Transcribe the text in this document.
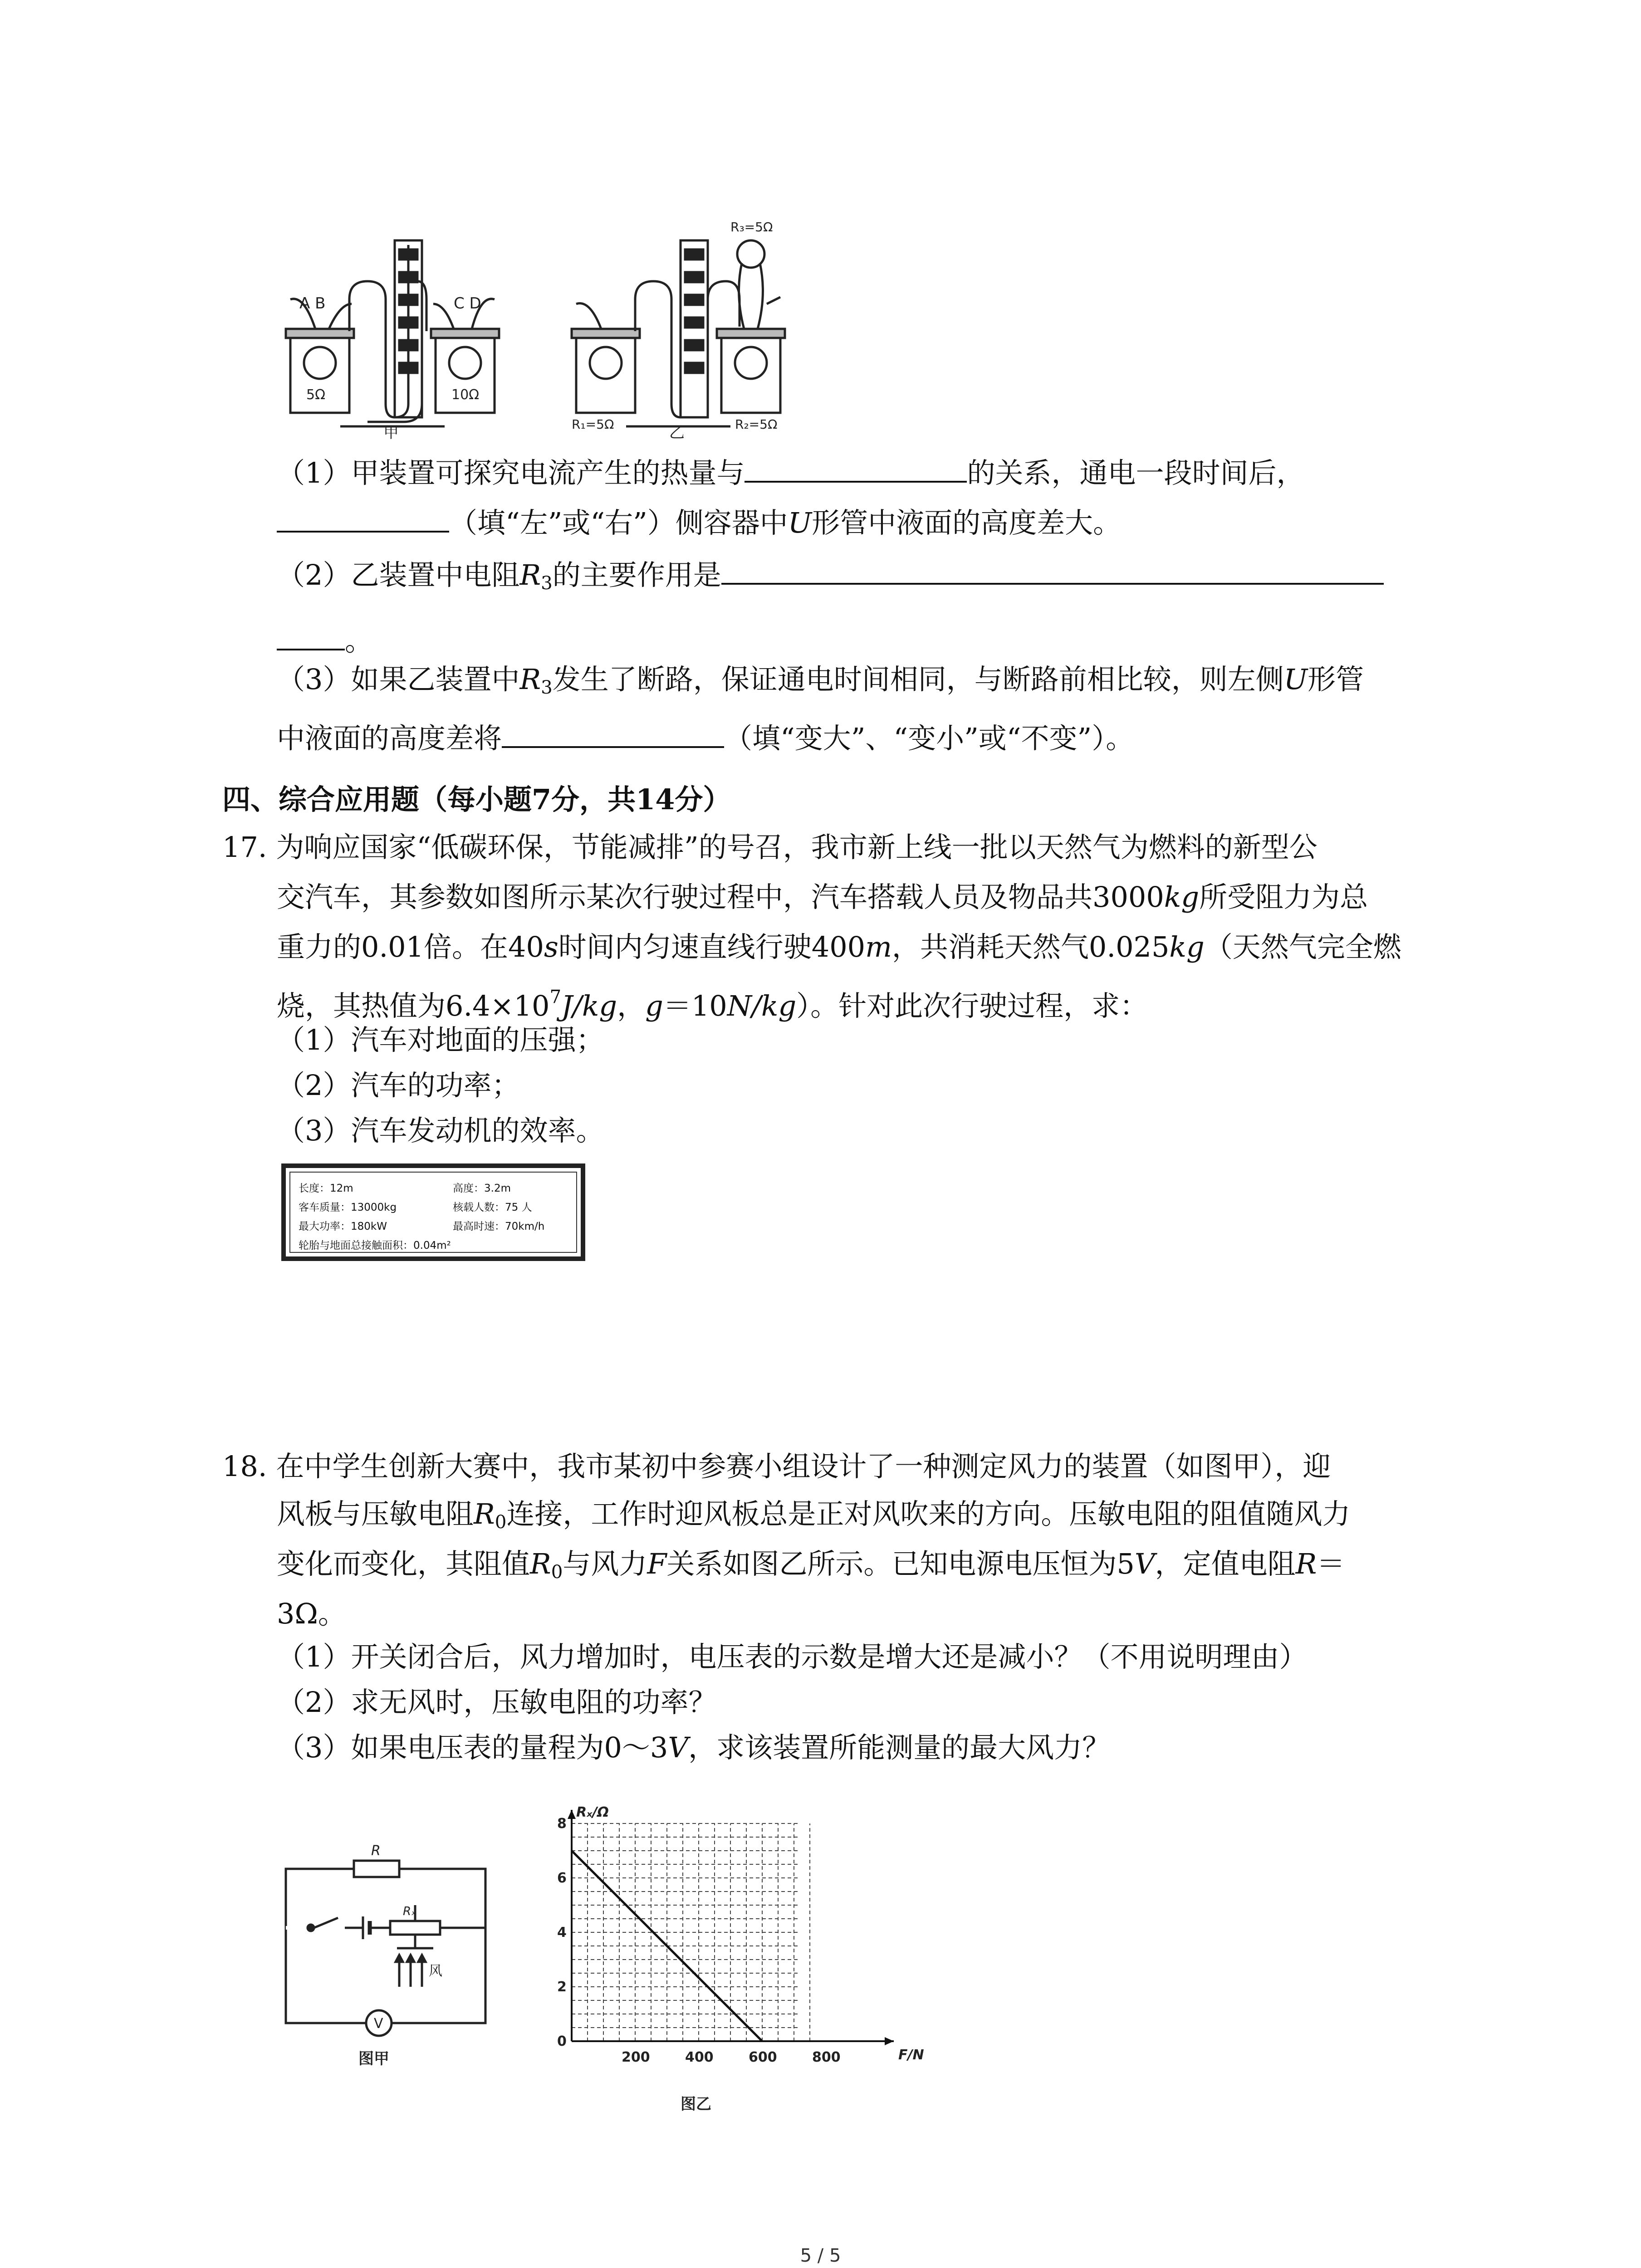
A B	C D
5Ω	10Ω
甲
R₃=5Ω
R₁=5Ω	R₂=5Ω
乙
（1）甲装置可探究电流产生的热量与	的关系，通电一段时间后，
（填“左”或“右”）侧容器中U形管中液面的高度差大。
（2）乙装置中电阻$R_3$的主要作用是
。
（3）如果乙装置中$R_3$发生了断路，保证通电时间相同，与断路前相比较，则左侧U形管
中液面的高度差将	（填“变大”、“变小”或“不变”）。
四、综合应用题（每小题7分，共14分）
17. 为响应国家“低碳环保，节能减排”的号召，我市新上线一批以天然气为燃料的新型公
交汽车，其参数如图所示某次行驶过程中，汽车搭载人员及物品共3000kg所受阻力为总
重力的0.01倍。在40s时间内匀速直线行驶400m，共消耗天然气0.025kg（天然气完全燃
烧，其热值为$6.4\times 10^7J/kg$，g＝10N/kg）。针对此次行驶过程，求：
（1）汽车对地面的压强；
（2）汽车的功率；
（3）汽车发动机的效率。
长度：12m	高度：3.2m
客车质量：13000kg	核载人数：75 人
最大功率：180kW	最高时速：70km/h
轮胎与地面总接触面积：0.04m²
18. 在中学生创新大赛中，我市某初中参赛小组设计了一种测定风力的装置（如图甲），迎
风板与压敏电阻$R_0$连接，工作时迎风板总是正对风吹来的方向。压敏电阻的阻值随风力
变化而变化，其阻值$R_0$与风力F关系如图乙所示。已知电源电压恒为5V，定值电阻R＝
3Ω。
（1）开关闭合后，风力增加时，电压表的示数是增大还是减小？（不用说明理由）
（2）求无风时，压敏电阻的功率？
（3）如果电压表的量程为0～3V，求该装置所能测量的最大风力？
R
Rₓ
风
V
图甲	200	400	600	800
2
4
6
8
Rₓ/Ω
F/N
0
图乙
5 / 5
